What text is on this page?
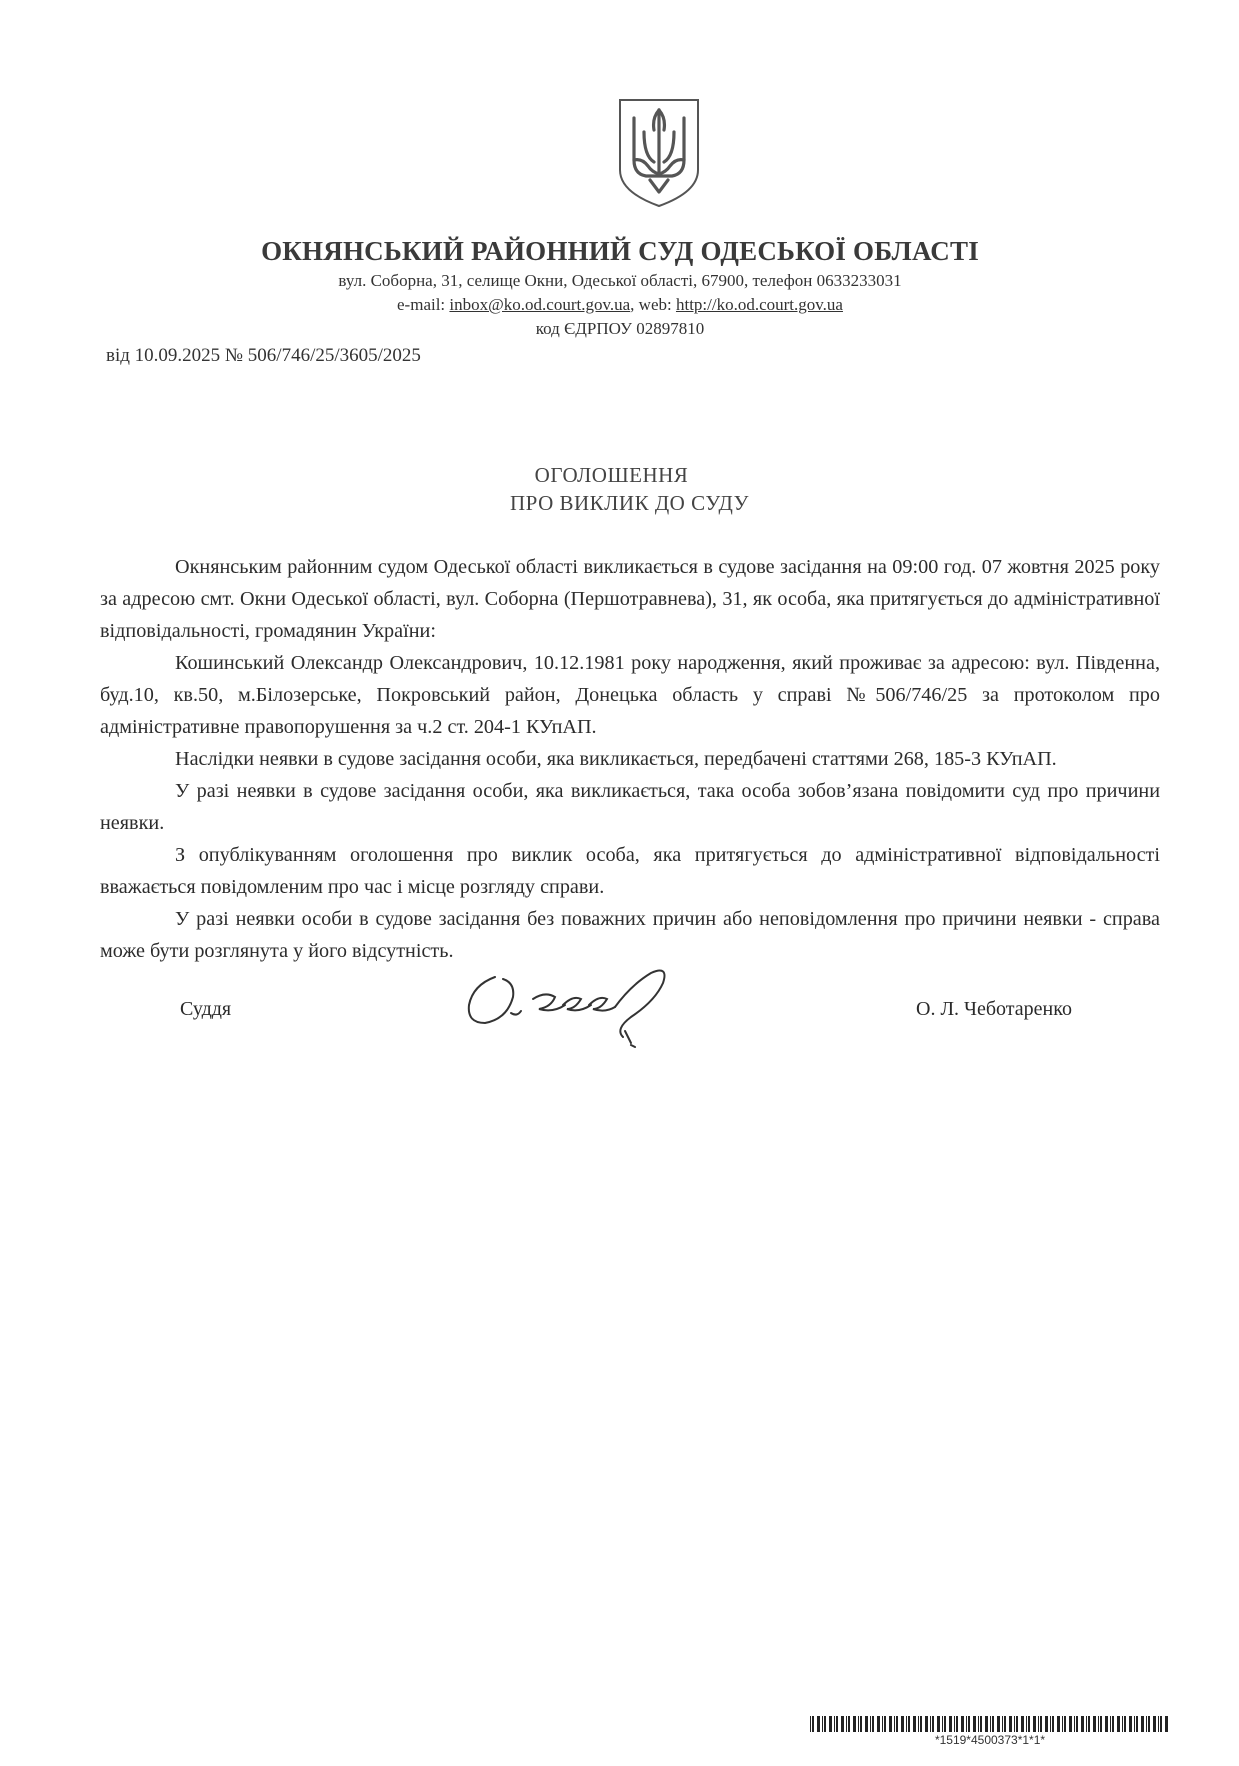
ОКНЯНСЬКИЙ РАЙОННИЙ СУД ОДЕСЬКОЇ ОБЛАСТІ
вул. Соборна, 31, селище Окни, Одеської області, 67900, телефон 0633233031
e-mail: inbox@ko.od.court.gov.ua, web: http://ko.od.court.gov.ua
код ЄДРПОУ 02897810
від 10.09.2025 № 506/746/25/3605/2025
ОГОЛОШЕННЯ
ПРО ВИКЛИК ДО СУДУ

Окнянським районним судом Одеської області викликається в судове засідання на 09:00 год. 07 жовтня 2025 року за адресою смт. Окни Одеської області, вул. Соборна (Першотравнева), 31, як особа, яка притягується до адміністративної відповідальності, громадянин України:

Кошинський Олександр Олександрович, 10.12.1981 року народження, який проживає за адресою: вул. Південна, буд.10, кв.50, м.Білозерське, Покровський район, Донецька область у справі №506/746/25 за протоколом про адміністративне правопорушення за ч.2 ст. 204-1 КУпАП.

Наслідки неявки в судове засідання особи, яка викликається, передбачені статтями 268, 185-3 КУпАП.

У разі неявки в судове засідання особи, яка викликається, така особа зобов’язана повідомити суд про причини неявки.

З опублікуванням оголошення про виклик особа, яка притягується до адміністративної відповідальності вважається повідомленим про час і місце розгляду справи.

У разі неявки особи в судове засідання без поважних причин або неповідомлення про причини неявки - справа може бути розглянута у його відсутність.

Суддя	О. Л. Чеботаренко
*1519*4500373*1*1*
